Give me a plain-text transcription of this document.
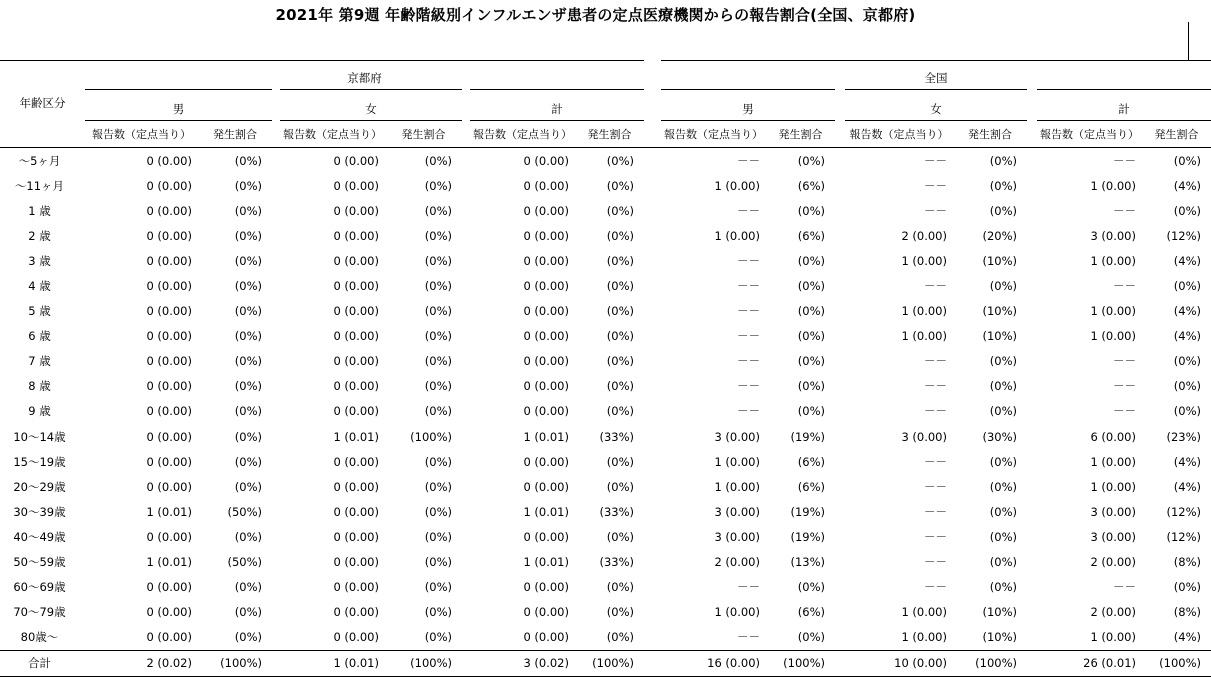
2021年 第9週 年齢階級別インフルエンザ患者の定点医療機関からの報告割合(全国、京都府)
年齢区分	京都府									全国							
	男			女			計			男			女			計	
	報告数（定点当り）	発生割合		報告数（定点当り）	発生割合		報告数（定点当り）	発生割合		報告数（定点当り）	発生割合		報告数（定点当り）	発生割合		報告数（定点当り）	発生割合
～5ヶ月	0 (0.00)	(0%)		0 (0.00)	(0%)		0 (0.00)	(0%)		－－	(0%)		－－	(0%)		－－	(0%)
～11ヶ月	0 (0.00)	(0%)		0 (0.00)	(0%)		0 (0.00)	(0%)		1 (0.00)	(6%)		－－	(0%)		1 (0.00)	(4%)
1 歳	0 (0.00)	(0%)		0 (0.00)	(0%)		0 (0.00)	(0%)		－－	(0%)		－－	(0%)		－－	(0%)
2 歳	0 (0.00)	(0%)		0 (0.00)	(0%)		0 (0.00)	(0%)		1 (0.00)	(6%)		2 (0.00)	(20%)		3 (0.00)	(12%)
3 歳	0 (0.00)	(0%)		0 (0.00)	(0%)		0 (0.00)	(0%)		－－	(0%)		1 (0.00)	(10%)		1 (0.00)	(4%)
4 歳	0 (0.00)	(0%)		0 (0.00)	(0%)		0 (0.00)	(0%)		－－	(0%)		－－	(0%)		－－	(0%)
5 歳	0 (0.00)	(0%)		0 (0.00)	(0%)		0 (0.00)	(0%)		－－	(0%)		1 (0.00)	(10%)		1 (0.00)	(4%)
6 歳	0 (0.00)	(0%)		0 (0.00)	(0%)		0 (0.00)	(0%)		－－	(0%)		1 (0.00)	(10%)		1 (0.00)	(4%)
7 歳	0 (0.00)	(0%)		0 (0.00)	(0%)		0 (0.00)	(0%)		－－	(0%)		－－	(0%)		－－	(0%)
8 歳	0 (0.00)	(0%)		0 (0.00)	(0%)		0 (0.00)	(0%)		－－	(0%)		－－	(0%)		－－	(0%)
9 歳	0 (0.00)	(0%)		0 (0.00)	(0%)		0 (0.00)	(0%)		－－	(0%)		－－	(0%)		－－	(0%)
10～14歳	0 (0.00)	(0%)		1 (0.01)	(100%)		1 (0.01)	(33%)		3 (0.00)	(19%)		3 (0.00)	(30%)		6 (0.00)	(23%)
15～19歳	0 (0.00)	(0%)		0 (0.00)	(0%)		0 (0.00)	(0%)		1 (0.00)	(6%)		－－	(0%)		1 (0.00)	(4%)
20～29歳	0 (0.00)	(0%)		0 (0.00)	(0%)		0 (0.00)	(0%)		1 (0.00)	(6%)		－－	(0%)		1 (0.00)	(4%)
30～39歳	1 (0.01)	(50%)		0 (0.00)	(0%)		1 (0.01)	(33%)		3 (0.00)	(19%)		－－	(0%)		3 (0.00)	(12%)
40～49歳	0 (0.00)	(0%)		0 (0.00)	(0%)		0 (0.00)	(0%)		3 (0.00)	(19%)		－－	(0%)		3 (0.00)	(12%)
50～59歳	1 (0.01)	(50%)		0 (0.00)	(0%)		1 (0.01)	(33%)		2 (0.00)	(13%)		－－	(0%)		2 (0.00)	(8%)
60～69歳	0 (0.00)	(0%)		0 (0.00)	(0%)		0 (0.00)	(0%)		－－	(0%)		－－	(0%)		－－	(0%)
70～79歳	0 (0.00)	(0%)		0 (0.00)	(0%)		0 (0.00)	(0%)		1 (0.00)	(6%)		1 (0.00)	(10%)		2 (0.00)	(8%)
80歳～	0 (0.00)	(0%)		0 (0.00)	(0%)		0 (0.00)	(0%)		－－	(0%)		1 (0.00)	(10%)		1 (0.00)	(4%)
合計	2 (0.02)	(100%)		1 (0.01)	(100%)		3 (0.02)	(100%)		16 (0.00)	(100%)		10 (0.00)	(100%)		26 (0.01)	(100%)
